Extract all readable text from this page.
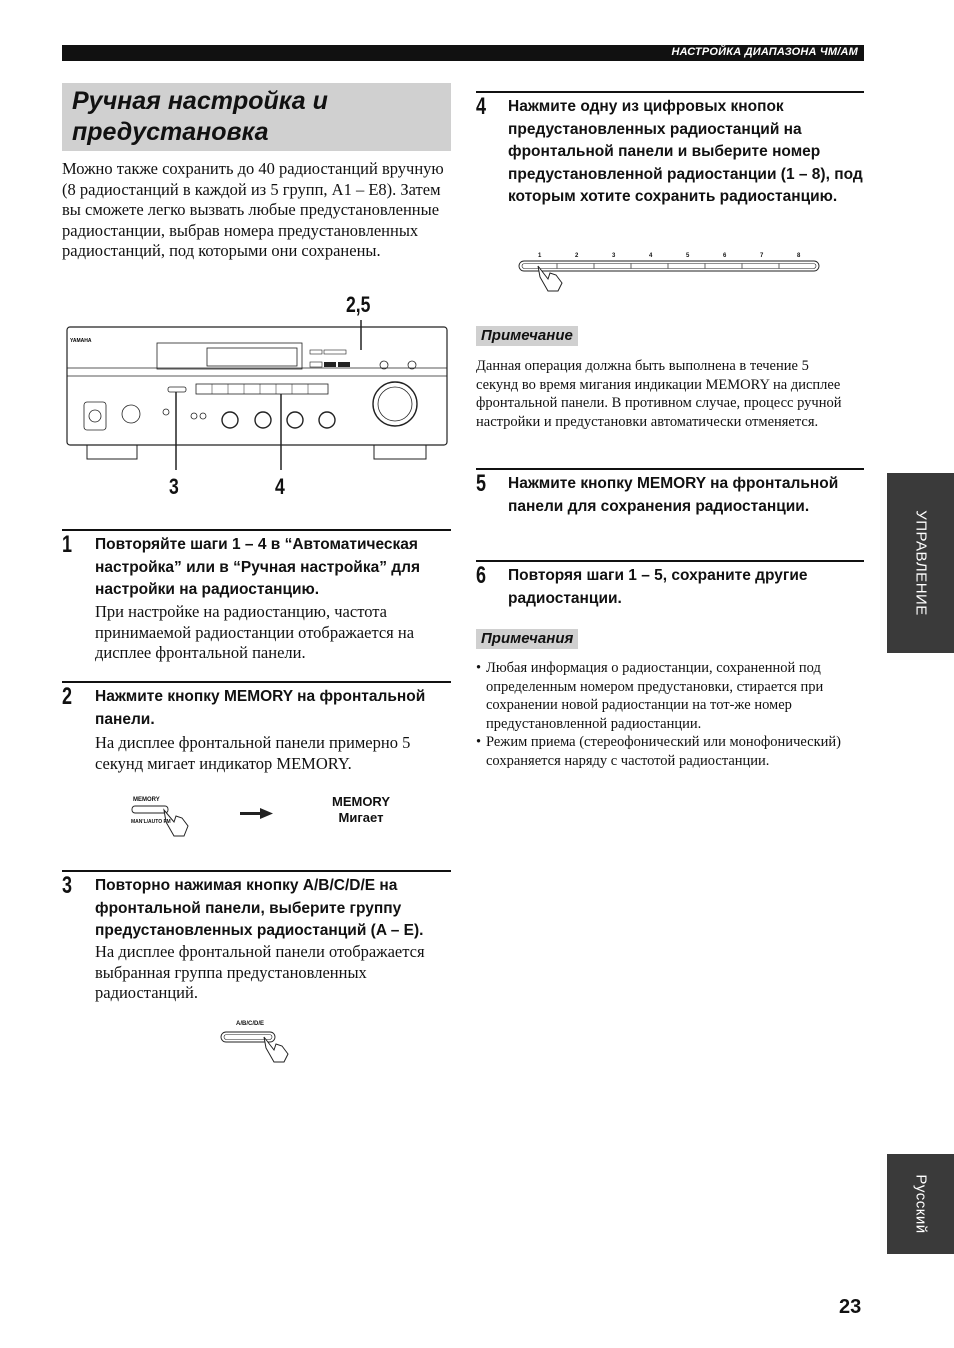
НАСТРОЙКА ДИАПАЗОНА ЧМ/АМ
Ручная настройка и предустановка
Можно также сохранить до 40 радиостанций вручную (8 радиостанций в каждой из 5 групп, A1 – E8). Затем вы сможете легко вызвать любые предустановленные радиостанции, выбрав номера предустановленных радиостанций, под которыми они сохранены.
2,5
YAMAHA
3	4
1 Повторяйте шаги 1 – 4 в “Автоматическая настройка” или в “Ручная настройка” для настройки на радиостанцию.
При настройке на радиостанцию, частота принимаемой радиостанции отображается на дисплее фронтальной панели.
2 Нажмите кнопку MEMORY на фронтальной панели.
На дисплее фронтальной панели примерно 5 секунд мигает индикатор MEMORY.
MEMORY
MAN'L/AUTO FM
MEMORY
Мигает
3 Повторно нажимая кнопку A/B/C/D/E на фронтальной панели, выберите группу предустановленных радиостанций (A – E).
На дисплее фронтальной панели отображается выбранная группа предустановленных радиостанций.
A/B/C/D/E
4 Нажмите одну из цифровых кнопок предустановленных радиостанций на фронтальной панели и выберите номер предустановленной радиостанции (1 – 8), под которым хотите сохранить радиостанцию.
1	2	3	4	5	6	7	8
Примечание
Данная операция должна быть выполнена в течение 5 секунд во время мигания индикации MEMORY на дисплее фронтальной панели. В противном случае, процесс ручной настройки и предустановки автоматически отменяется.
5 Нажмите кнопку MEMORY на фронтальной панели для сохранения радиостанции.
6 Повторяя шаги 1 – 5, сохраните другие радиостанции.
Примечания
• Любая информация о радиостанции, сохраненной под определенным номером предустановки, стирается при сохранении новой радиостанции на тот-же номер предустановленной радиостанции.
• Режим приема (стереофонический или монофонический) сохраняется наряду с частотой радиостанции.
УПРАВЛЕНИЕ
Русский
23
